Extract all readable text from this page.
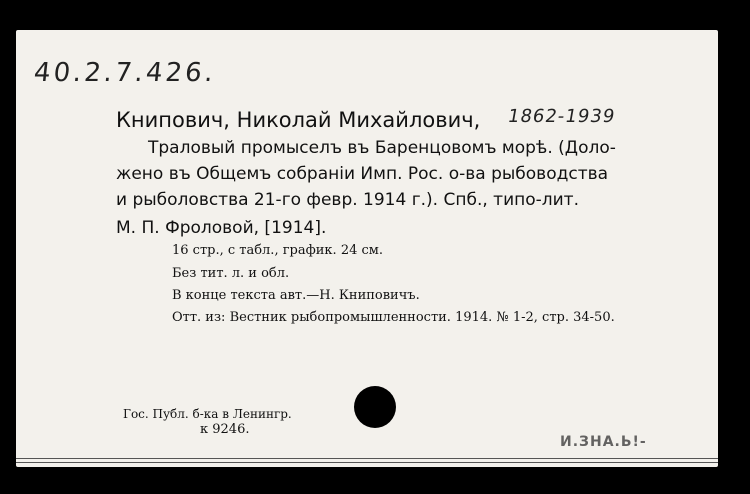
40.2.7.426.
Книпович, Николай Михайлович, 1862-1939
Траловый промыселъ въ Баренцовомъ морѣ. (Доло-
жено въ Общемъ собранiи Имп. Рос. о-ва рыбоводства
и рыболовства 21-го февр. 1914 г.). Спб., типо-лит.
М. П. Фроловой, [1914].
16 стр., с табл., график. 24 см.
Без тит. л. и обл.
В конце текста авт.—Н. Книповичъ.
Отт. из: Вестник рыбопромышленности. 1914. № 1-2, стр. 34-50.
Гос. Публ. б-ка в Ленингр.
к 9246.
И.ЗНА.Ь!-
